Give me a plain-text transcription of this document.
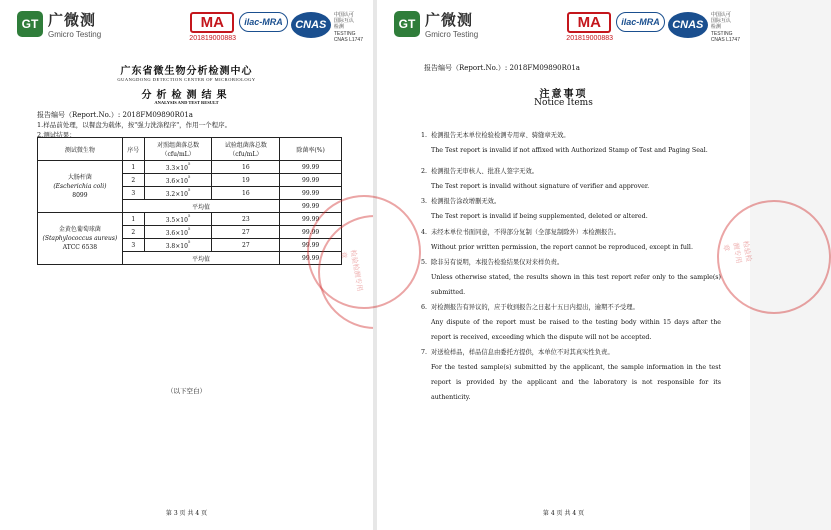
GT 广微测
Gmicro Testing
MA
201819000883
ilac-MRA	CNAS
中国认可
国际互认
检测
TESTING
CNAS L1747
广东省微生物分析检测中心
GUANGDONG DETECTION CENTER OF MICROBIOLOGY
分析检测结果
ANALYSIS AND TEST RESULT
报告编号（Report.No.）: 2018FM09890R01a
1.样品前处理，以餐盘为载体，按"强力洗涤程序"，作用一个程序。
2.测试结果：
测试微生物	序号	对照组菌落总数（cfu/mL）	试验组菌落总数（cfu/mL）	除菌率(%)

大肠杆菌
(Escherichia coli)
8099	1	$3.3\times 10^5$	16	99.99
	2	$3.6\times 10^5$	19	99.99
	3	$3.2\times 10^5$	16	99.99
	平均值			99.99

金黄色葡萄球菌
(Staphylococcus aureus)
ATCC 6538	1	$3.5\times 10^5$	23	99.99
	2	$3.6\times 10^5$	27	99.99
	3	$3.8\times 10^5$	27	99.99
	平均值			99.99
（以下空白）
检验检测专用章
第 3 页 共 4 页
GT 广微测
Gmicro Testing
MA
201819000883
ilac-MRA	CNAS
中国认可
国际互认
检测
TESTING
CNAS L1747
报告编号（Report.No.）: 2018FM09890R01a
注意事项
Notice Items
1. 检测报告无本单位检验检测专用章、骑缝章无效。
The Test report is invalid if not affixed with Authorized Stamp of Test and Paging Seal.
2. 检测报告无审核人、批准人签字无效。
The Test report is invalid without signature of verifier and approver.
3. 检测报告涂改增删无效。
The Test report is invalid if being supplemented, deleted or altered.
4. 未经本单位书面同意，不得部分复制（全部复制除外）本检测报告。
Without prior written permission, the report cannot be reproduced, except in full.
5. 除非另有说明，本报告检验结果仅对来样负责。
Unless otherwise stated, the results shown in this test report refer only to the sample(s) submitted.
6. 对检测报告有异议的，应于收到报告之日起十五日内提出，逾期不予受理。
Any dispute of the report must be raised to the testing body within 15 days after the report is received, exceeding which the dispute will not be accepted.
7. 对送检样品，样品信息由委托方提供，本单位不对其真实性负责。
For the tested sample(s) submitted by the applicant, the sample information in the test report is provided by the applicant and the laboratory is not responsible for its authenticity.
检验检测专用章
第 4 页 共 4 页
